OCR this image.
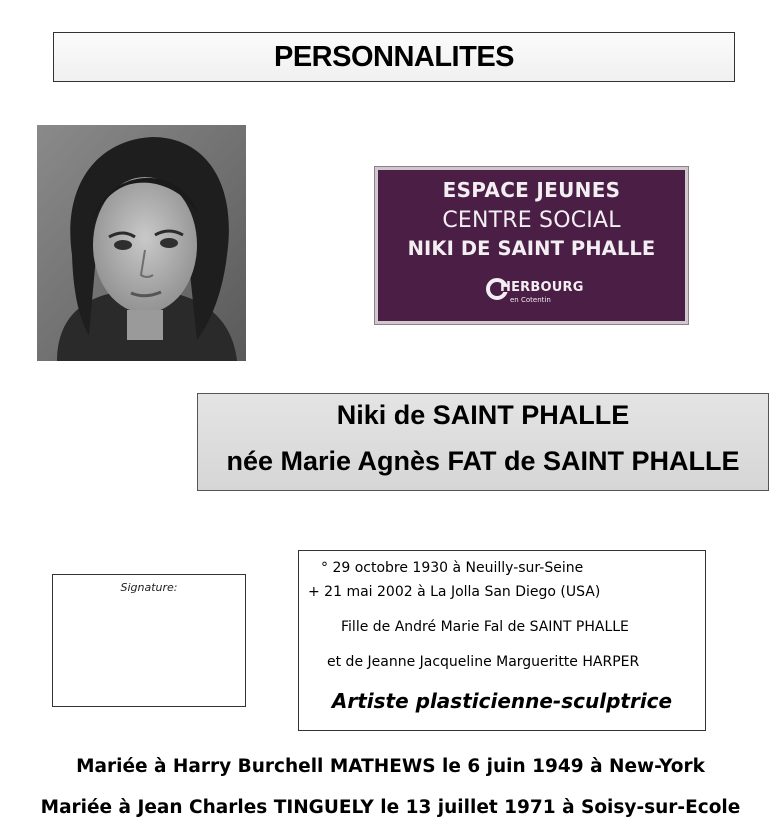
PERSONNALITES
ESPACE JEUNES
CENTRE SOCIAL
NIKI DE SAINT PHALLE
HERBOURG
en Cotentin
Niki de SAINT PHALLE
née Marie Agnès FAT de SAINT PHALLE
Signature:
° 29 octobre 1930 à Neuilly-sur-Seine
+ 21 mai 2002 à La Jolla San Diego (USA)
Fille de André Marie Fal de SAINT PHALLE
et de Jeanne Jacqueline Margueritte HARPER
Artiste plasticienne-sculptrice
Mariée à Harry Burchell MATHEWS le 6 juin 1949 à New-York
Mariée à Jean Charles TINGUELY le 13 juillet 1971 à Soisy-sur-Ecole
